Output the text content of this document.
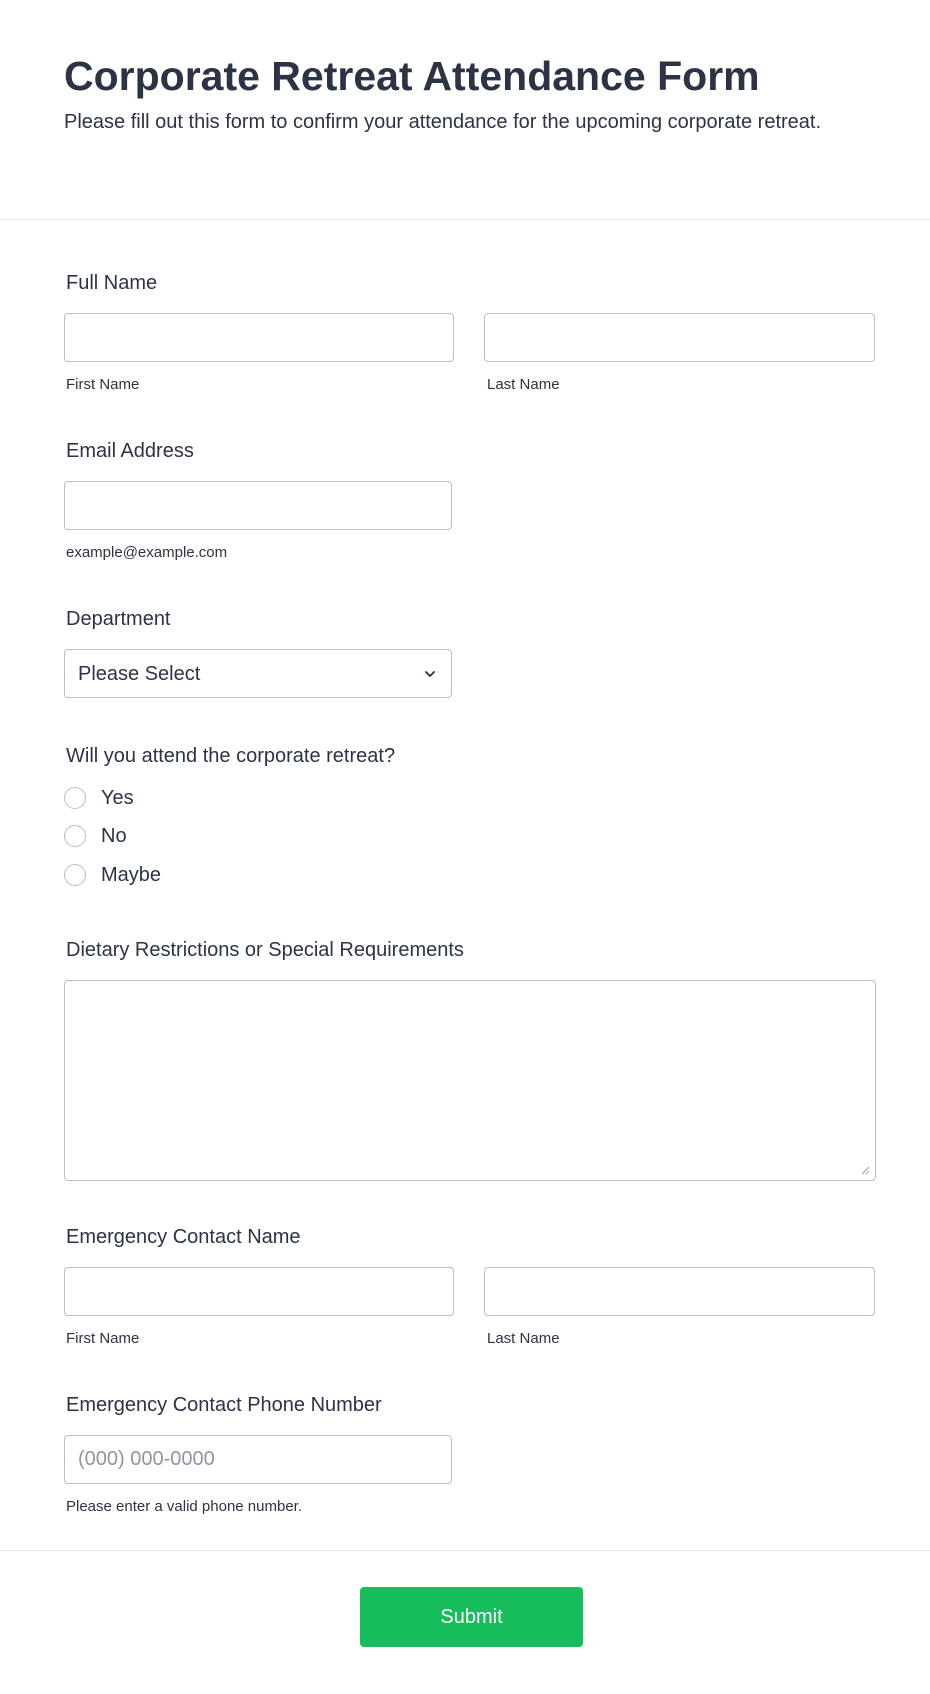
Corporate Retreat Attendance Form

Please fill out this form to confirm your attendance for the upcoming corporate retreat.

Full Name
First Name	Last Name
Email Address
example@example.com
Department
Please Select
Will you attend the corporate retreat?
Yes
No
Maybe
Dietary Restrictions or Special Requirements
Emergency Contact Name
First Name	Last Name
Emergency Contact Phone Number
(000) 000-0000
Please enter a valid phone number.
Submit
